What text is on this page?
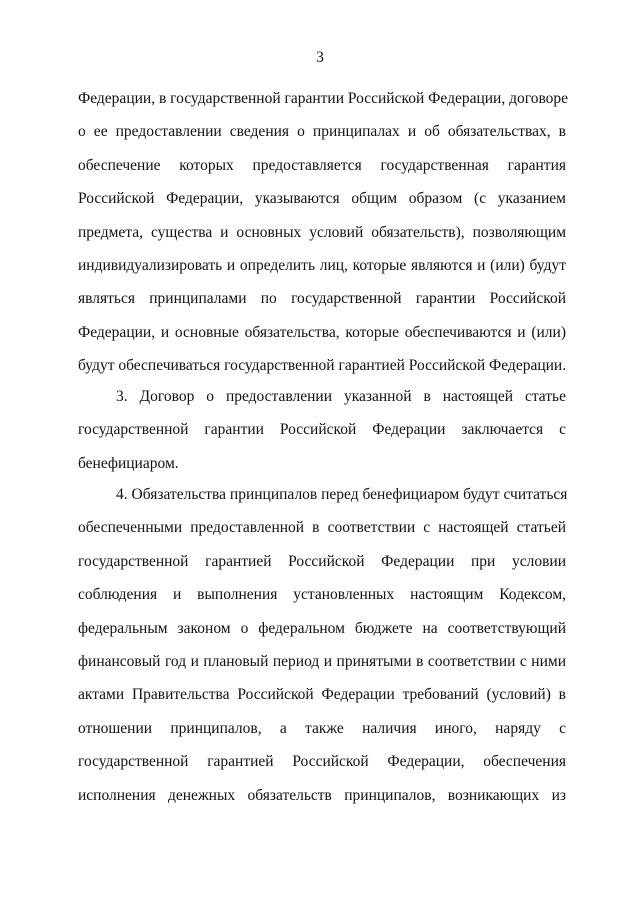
3
Федерации, в государственной гарантии Российской Федерации, договоре
о ее предоставлении сведения о принципалах и об обязательствах, в
обеспечение которых предоставляется государственная гарантия
Российской Федерации, указываются общим образом (с указанием
предмета, существа и основных условий обязательств), позволяющим
индивидуализировать и определить лиц, которые являются и (или) будут
являться принципалами по государственной гарантии Российской
Федерации, и основные обязательства, которые обеспечиваются и (или)
будут обеспечиваться государственной гарантией Российской Федерации.
3. Договор о предоставлении указанной в настоящей статье
государственной гарантии Российской Федерации заключается с
бенефициаром.
4. Обязательства принципалов перед бенефициаром будут считаться
обеспеченными предоставленной в соответствии с настоящей статьей
государственной гарантией Российской Федерации при условии
соблюдения и выполнения установленных настоящим Кодексом,
федеральным законом о федеральном бюджете на соответствующий
финансовый год и плановый период и принятыми в соответствии с ними
актами Правительства Российской Федерации требований (условий) в
отношении принципалов, а также наличия иного, наряду с
государственной гарантией Российской Федерации, обеспечения
исполнения денежных обязательств принципалов, возникающих из
